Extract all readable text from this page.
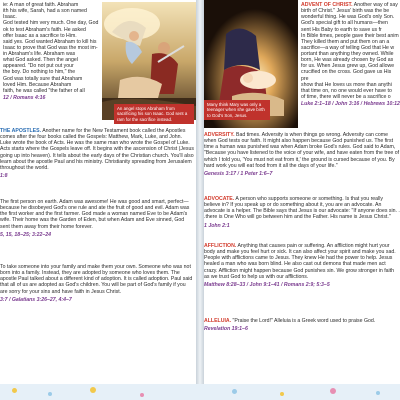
ie: A man of great faith. Abraham
ith his wife, Sarah, had a son named Isaac.
God tested him very much. One day, God
ok to test Abraham's faith. He asked
offer Isaac as a sacrifice to Him.
said yes. God wanted Abraham to kill his
Isaac to prove that God was the most im-
in Abraham's life. Abraham was
what God asked. Then the angel
appeared. "Do not put out your
the boy. Do nothing to him," the
God was totally sure that Abraham
loved Him. Because Abraham
faith, he was called "the father of all
12 / Romans 4:16
An angel stops Abraham from sacrificing his son Isaac. God sent a ram for the sacrifice instead.
THE APOSTLES. Another name for the New Testament book called the Apostles comes after the four books called the Gospels: Matthew, Mark, Luke, and John. Luke wrote the book of Acts. He was the same man who wrote the Gospel of Luke. Acts starts where the Gospels leave off. It begins with the ascension of Christ (Jesus going up into heaven). It tells about the early days of the Christian church. You'll also learn about the apostle Paul and his ministry. Christianity spreading from Jerusalem throughout the world.
1:8
The first person on earth. Adam was awesome! He was good and smart, perfect—because he disobeyed God's one rule and ate the fruit of good and evil. Adam was the first worker and the first farmer. God made a woman named Eve to be Adam's wife. Their home was the Garden of Eden, but when Adam and Eve sinned, God sent them away from their home forever.
5, 15, 18–25; 3:22–24
To take someone into your family and make them your own. Someone who was not born into a family. Instead, they are adopted by someone who loves them. The apostle Paul talked about a different kind of adoption. It is called adoption. Paul said that all of us are adopted as God's children. You will be part of God's family if you are sorry for your sins and have faith in Jesus Christ.
3:7 / Galatians 3:26–27, 4:4–7
Many think Mary was only a teenager when she gave birth to God's Son, Jesus.
ADVENT OF CHRIST. Another way of say
birth of Christ." Jesus' birth was the be
wonderful thing. He was God's only Son.
God's special gift to all humans—then
sent His Baby to earth to save us fr
In Bible times, people gave their best anim
They killed them and put them on an a
sacrifice—a way of telling God that He w
portant than anything they owned. While
born, He was already chosen by God as
for us. When Jesus grew up, God allowe
crucified on the cross. God gave us His pre
show that He loves us more than anythi
that time on, no one would ever have to
of time, there will never be a sacrifice o
Luke 2:1–18 / John 3:16 / Hebrews 10:12
ADVERSITY. Bad times. Adversity is when things go wrong. Adversity can come when God tests our faith. It might also happen because God punished us. The first time a human was punished was when Adam broke God's rules. God said to Adam, "Because you have listened to the voice of your wife, and have eaten from the tree of which I told you, 'You must not eat from it,' the ground is cursed because of you. By hard work you will eat food from it all the days of your life."
Genesis 3:17 / 1 Peter 1:6–7
ADVOCATE. A person who supports someone or something. Is that you really believe in? If you speak up or do something about it, you are an advocate. An advocate is a helper. The Bible says that Jesus is our advocate: "If anyone does sin. . .there is One Who will go between him and the Father. His name is Jesus Christ."
1 John 2:1
AFFLICTION. Anything that causes pain or suffering. An affliction might hurt your body and make you feel hurt or sick. It can also affect your spirit and make you sad. People with afflictions came to Jesus. They knew He had the power to help. Jesus healed a man who was born blind. He also cast out demons that made men act crazy. Affliction might happen because God punishes sin. We grow stronger in faith as we trust God to help us with our afflictions.
Matthew 8:28–33 / John 9:1–41 / Romans 2:9; 5:3–5
ALLELUIA. "Praise the Lord!" Alleluia is a Greek word used to praise God.
Revelation 19:1–6
